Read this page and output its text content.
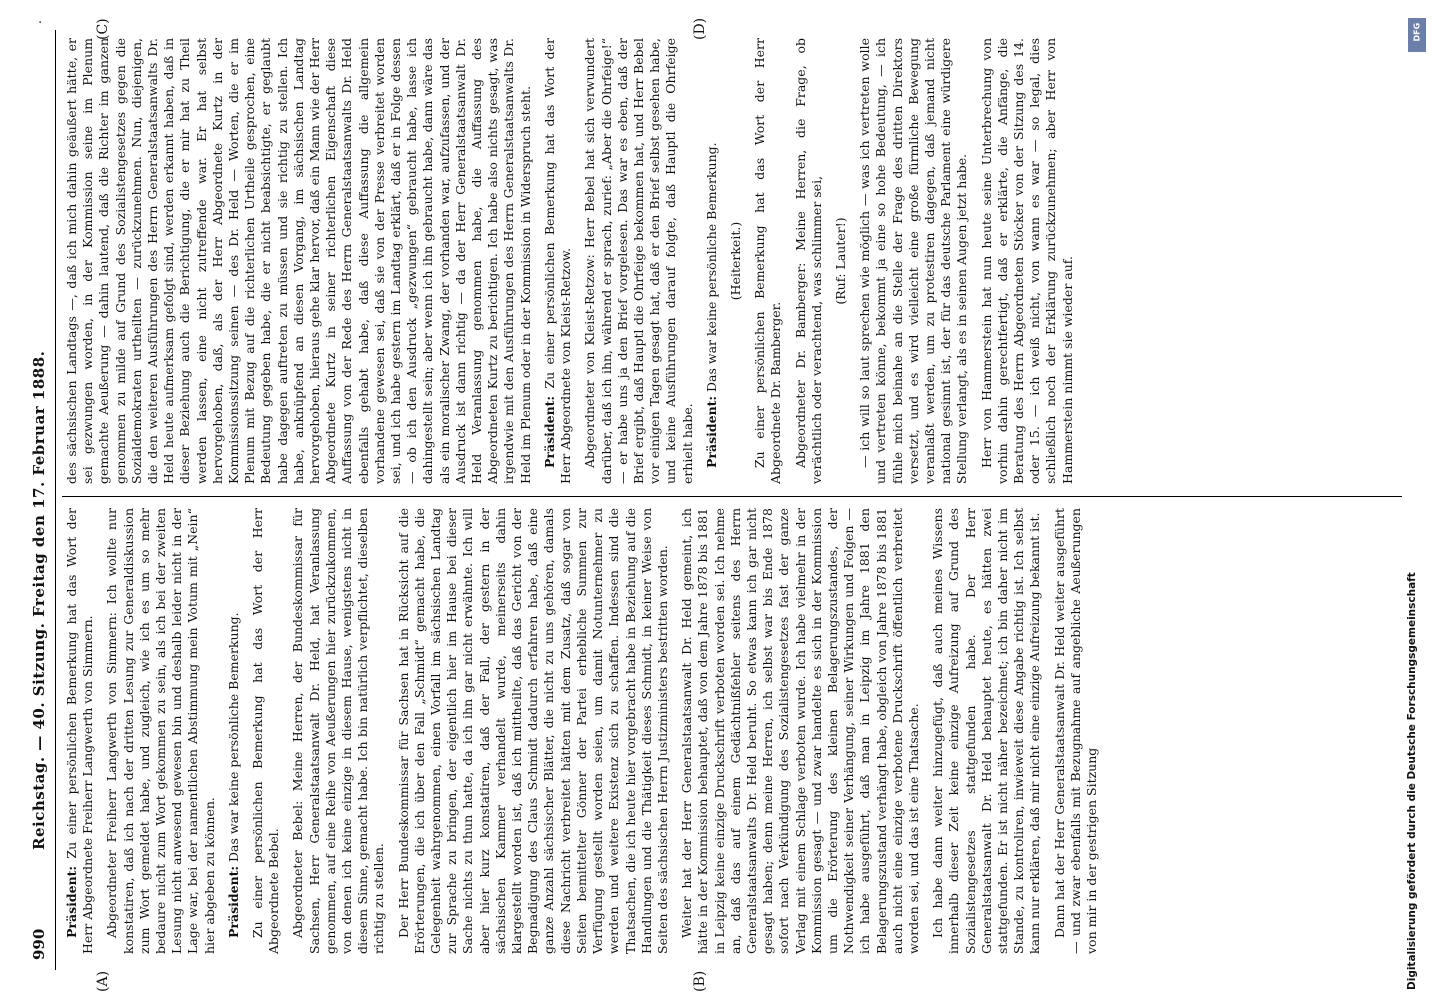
990
Reichstag. — 40. Sitzung. Freitag den 17. Februar 1888.
.
(A)	(B)
(C)	(D)

Präsident: Zu einer persönlichen Bemerkung hat das Wort der Herr Abgeordnete Freiherr Langwerth von Simmern. Abgeordneter Freiherr Langwerth von Simmern: Ich wollte nur konstatiren, daß ich nach der dritten Lesung zur Generaldiskussion zum Wort gemeldet habe, und zugleich, wie ich es um so mehr bedaure nicht zum Wort gekommen zu sein, als ich bei der zweiten Lesung nicht anwesend gewesen bin und deshalb leider nicht in der Lage war, bei der namentlichen Abstimmung mein Votum mit „Nein“ hier abgeben zu können. Präsident: Das war keine persönliche Bemerkung. Zu einer persönlichen Bemerkung hat das Wort der Herr Abgeordnete Bebel. Abgeordneter Bebel: Meine Herren, der Bundeskommissar für Sachsen, Herr Generalstaatsanwalt Dr. Held, hat Veranlassung genommen, auf eine Reihe von Aeußerungen hier zurückzukommen, von denen ich keine einzige in diesem Hause, wenigstens nicht in diesem Sinne, gemacht habe. Ich bin natürlich verpflichtet, dieselben richtig zu stellen. Der Herr Bundeskommissar für Sachsen hat in Rücksicht auf die Erörterungen, die ich über den Fall „Schmidt“ gemacht habe, die Gelegenheit wahrgenommen, einen Vorfall im sächsischen Landtag zur Sprache zu bringen, der eigentlich hier im Hause bei dieser Sache nichts zu thun hatte, da ich ihn gar nicht erwähnte. Ich will aber hier kurz konstatiren, daß der Fall, der gestern in der sächsischen Kammer verhandelt wurde, meinerseits dahin klargestellt worden ist, daß ich mittheilte, daß das Gericht von der Begnadigung des Claus Schmidt dadurch erfahren habe, daß eine ganze Anzahl sächsischer Blätter, die nicht zu uns gehören, damals diese Nachricht verbreitet hätten mit dem Zusatz, daß sogar von Seiten bemittelter Gönner der Partei erhebliche Summen zur Verfügung gestellt worden seien, um damit Notunternehmer zu werden und weitere Existenz sich zu schaffen. Indessen sind die Thatsachen, die ich heute hier vorgebracht habe in Beziehung auf die Handlungen und die Thätigkeit dieses Schmidt, in keiner Weise von Seiten des sächsischen Herrn Justizministers bestritten worden. Weiter hat der Herr Generalstaatsanwalt Dr. Held gemeint, ich hätte in der Kommission behauptet, daß von dem Jahre 1878 bis 1881 in Leipzig keine einzige Druckschrift verboten worden sei. Ich nehme an, daß das auf einem Gedächtnißfehler seitens des Herrn Generalstaatsanwalts Dr. Held beruht. So etwas kann ich gar nicht gesagt haben; denn meine Herren, ich selbst war bis Ende 1878 sofort nach Verkündigung des Sozialistengesetzes fast der ganze Verlag mit einem Schlage verboten wurde. Ich habe vielmehr in der Kommission gesagt — und zwar handelte es sich in der Kommission um die Erörterung des kleinen Belagerungszustandes, der Nothwendigkeit seiner Verhängung, seiner Wirkungen und Folgen — ich habe ausgeführt, daß man in Leipzig im Jahre 1881 den Belagerungszustand verhängt habe, obgleich von Jahre 1878 bis 1881 auch nicht eine einzige verbotene Druckschrift öffentlich verbreitet worden sei, und das ist eine Thatsache. Ich habe dann weiter hinzugefügt, daß auch meines Wissens innerhalb dieser Zeit keine einzige Aufreizung auf Grund des Sozialistengesetzes stattgefunden habe. Der Herr Generalstaatsanwalt Dr. Held behauptet heute, es hätten zwei stattgefunden. Er ist nicht näher bezeichnet; ich bin daher nicht im Stande, zu kontroliren, inwieweit diese Angabe richtig ist. Ich selbst kann nur erklären, daß mir nicht eine einzige Aufreizung bekannt ist. Dann hat der Herr Generalstaatsanwalt Dr. Held weiter ausgeführt — und zwar ebenfalls mit Bezugnahme auf angebliche Aeußerungen von mir in der gestrigen Sitzung

des sächsischen Landtags —, daß ich mich dahin geäußert hätte, er sei gezwungen worden, in der Kommission seine im Plenum gemachte Aeußerung — dahin lautend, daß die Richter im ganzen genommen zu milde auf Grund des Sozialistengesetzes gegen die Sozialdemokraten urtheilten — zurückzunehmen. Nun, diejenigen, die den weiteren Ausführungen des Herrn Generalstaatsanwalts Dr. Held heute aufmerksam gefolgt sind, werden erkannt haben, daß in dieser Beziehung auch die Berichtigung, die er mir hat zu Theil werden lassen, eine nicht zutreffende war. Er hat selbst hervorgehoben, daß, als der Herr Abgeordnete Kurtz in der Kommissionssitzung seinen — des Dr. Held — Worten, die er im Plenum mit Bezug auf die richterlichen Urtheile gesprochen, eine Bedeutung gegeben habe, die er nicht beabsichtigte, er geglaubt habe dagegen auftreten zu müssen und sie richtig zu stellen. Ich habe, anknüpfend an diesen Vorgang, im sächsischen Landtag hervorgehoben, hieraus gehe klar hervor, daß ein Mann wie der Herr Abgeordnete Kurtz in seiner richterlichen Eigenschaft diese Auffassung von der Rede des Herrn Generalstaatsanwalts Dr. Held ebenfalls gehabt habe, daß diese Auffassung die allgemein vorhandene gewesen sei, daß sie von der Presse verbreitet worden sei, und ich habe gestern im Landtag erklärt, daß er in Folge dessen — ob ich den Ausdruck „gezwungen“ gebraucht habe, lasse ich dahingestellt sein; aber wenn ich ihn gebraucht habe, dann wäre das als ein moralischer Zwang, der vorhanden war, aufzufassen, und der Ausdruck ist dann richtig — da der Herr Generalstaatsanwalt Dr. Held Veranlassung genommen habe, die Auffassung des Abgeordneten Kurtz zu berichtigen. Ich habe also nichts gesagt, was irgendwie mit den Ausführungen des Herrn Generalstaatsanwalts Dr. Held im Plenum oder in der Kommission in Widerspruch steht. Präsident: Zu einer persönlichen Bemerkung hat das Wort der Herr Abgeordnete von Kleist-Retzow. Abgeordneter von Kleist-Retzow: Herr Bebel hat sich verwundert darüber, daß ich ihn, während er sprach, zurief: „Aber die Ohrfeige!“ — er habe uns ja den Brief vorgelesen. Das war es eben, daß der Brief ergibt, daß Hauptl die Ohrfeige bekommen hat, und Herr Bebel vor einigen Tagen gesagt hat, daß er den Brief selbst gesehen habe, und keine Ausführungen darauf folgte, daß Hauptl die Ohrfeige erhielt habe. Präsident: Das war keine persönliche Bemerkung. (Heiterkeit.) Zu einer persönlichen Bemerkung hat das Wort der Herr Abgeordnete Dr. Bamberger. Abgeordneter Dr. Bamberger: Meine Herren, die Frage, ob verächtlich oder verachtend, was schlimmer sei, (Ruf: Lauter!) — ich will so laut sprechen wie möglich — was ich vertreten wolle und vertreten könne, bekommt ja eine so hohe Bedeutung, — ich fühle mich beinahe an die Stelle der Frage des dritten Direktors versetzt, und es wird vielleicht eine große fürmliche Bewegung veranlaßt werden, um zu protestiren dagegen, daß jemand nicht national gesinnt ist, der für das deutsche Parlament eine würdigere Stellung verlangt, als es in seinen Augen jetzt habe. Herr von Hammerstein hat nun heute seine Unterbrechung von vorhin dahin gerechtfertigt, daß er erklärte, die Anfänge, die Beratung des Herrn Abgeordneten Stöcker von der Sitzung des 14. oder 15. — ich weiß nicht, von wann es war — so legal, dies schließlich noch der Erklärung zurückzunehmen; aber Herr von Hammerstein nimmt sie wieder auf.

DFG
Digitalisierung gefördert durch die Deutsche Forschungsgemeinschaft
